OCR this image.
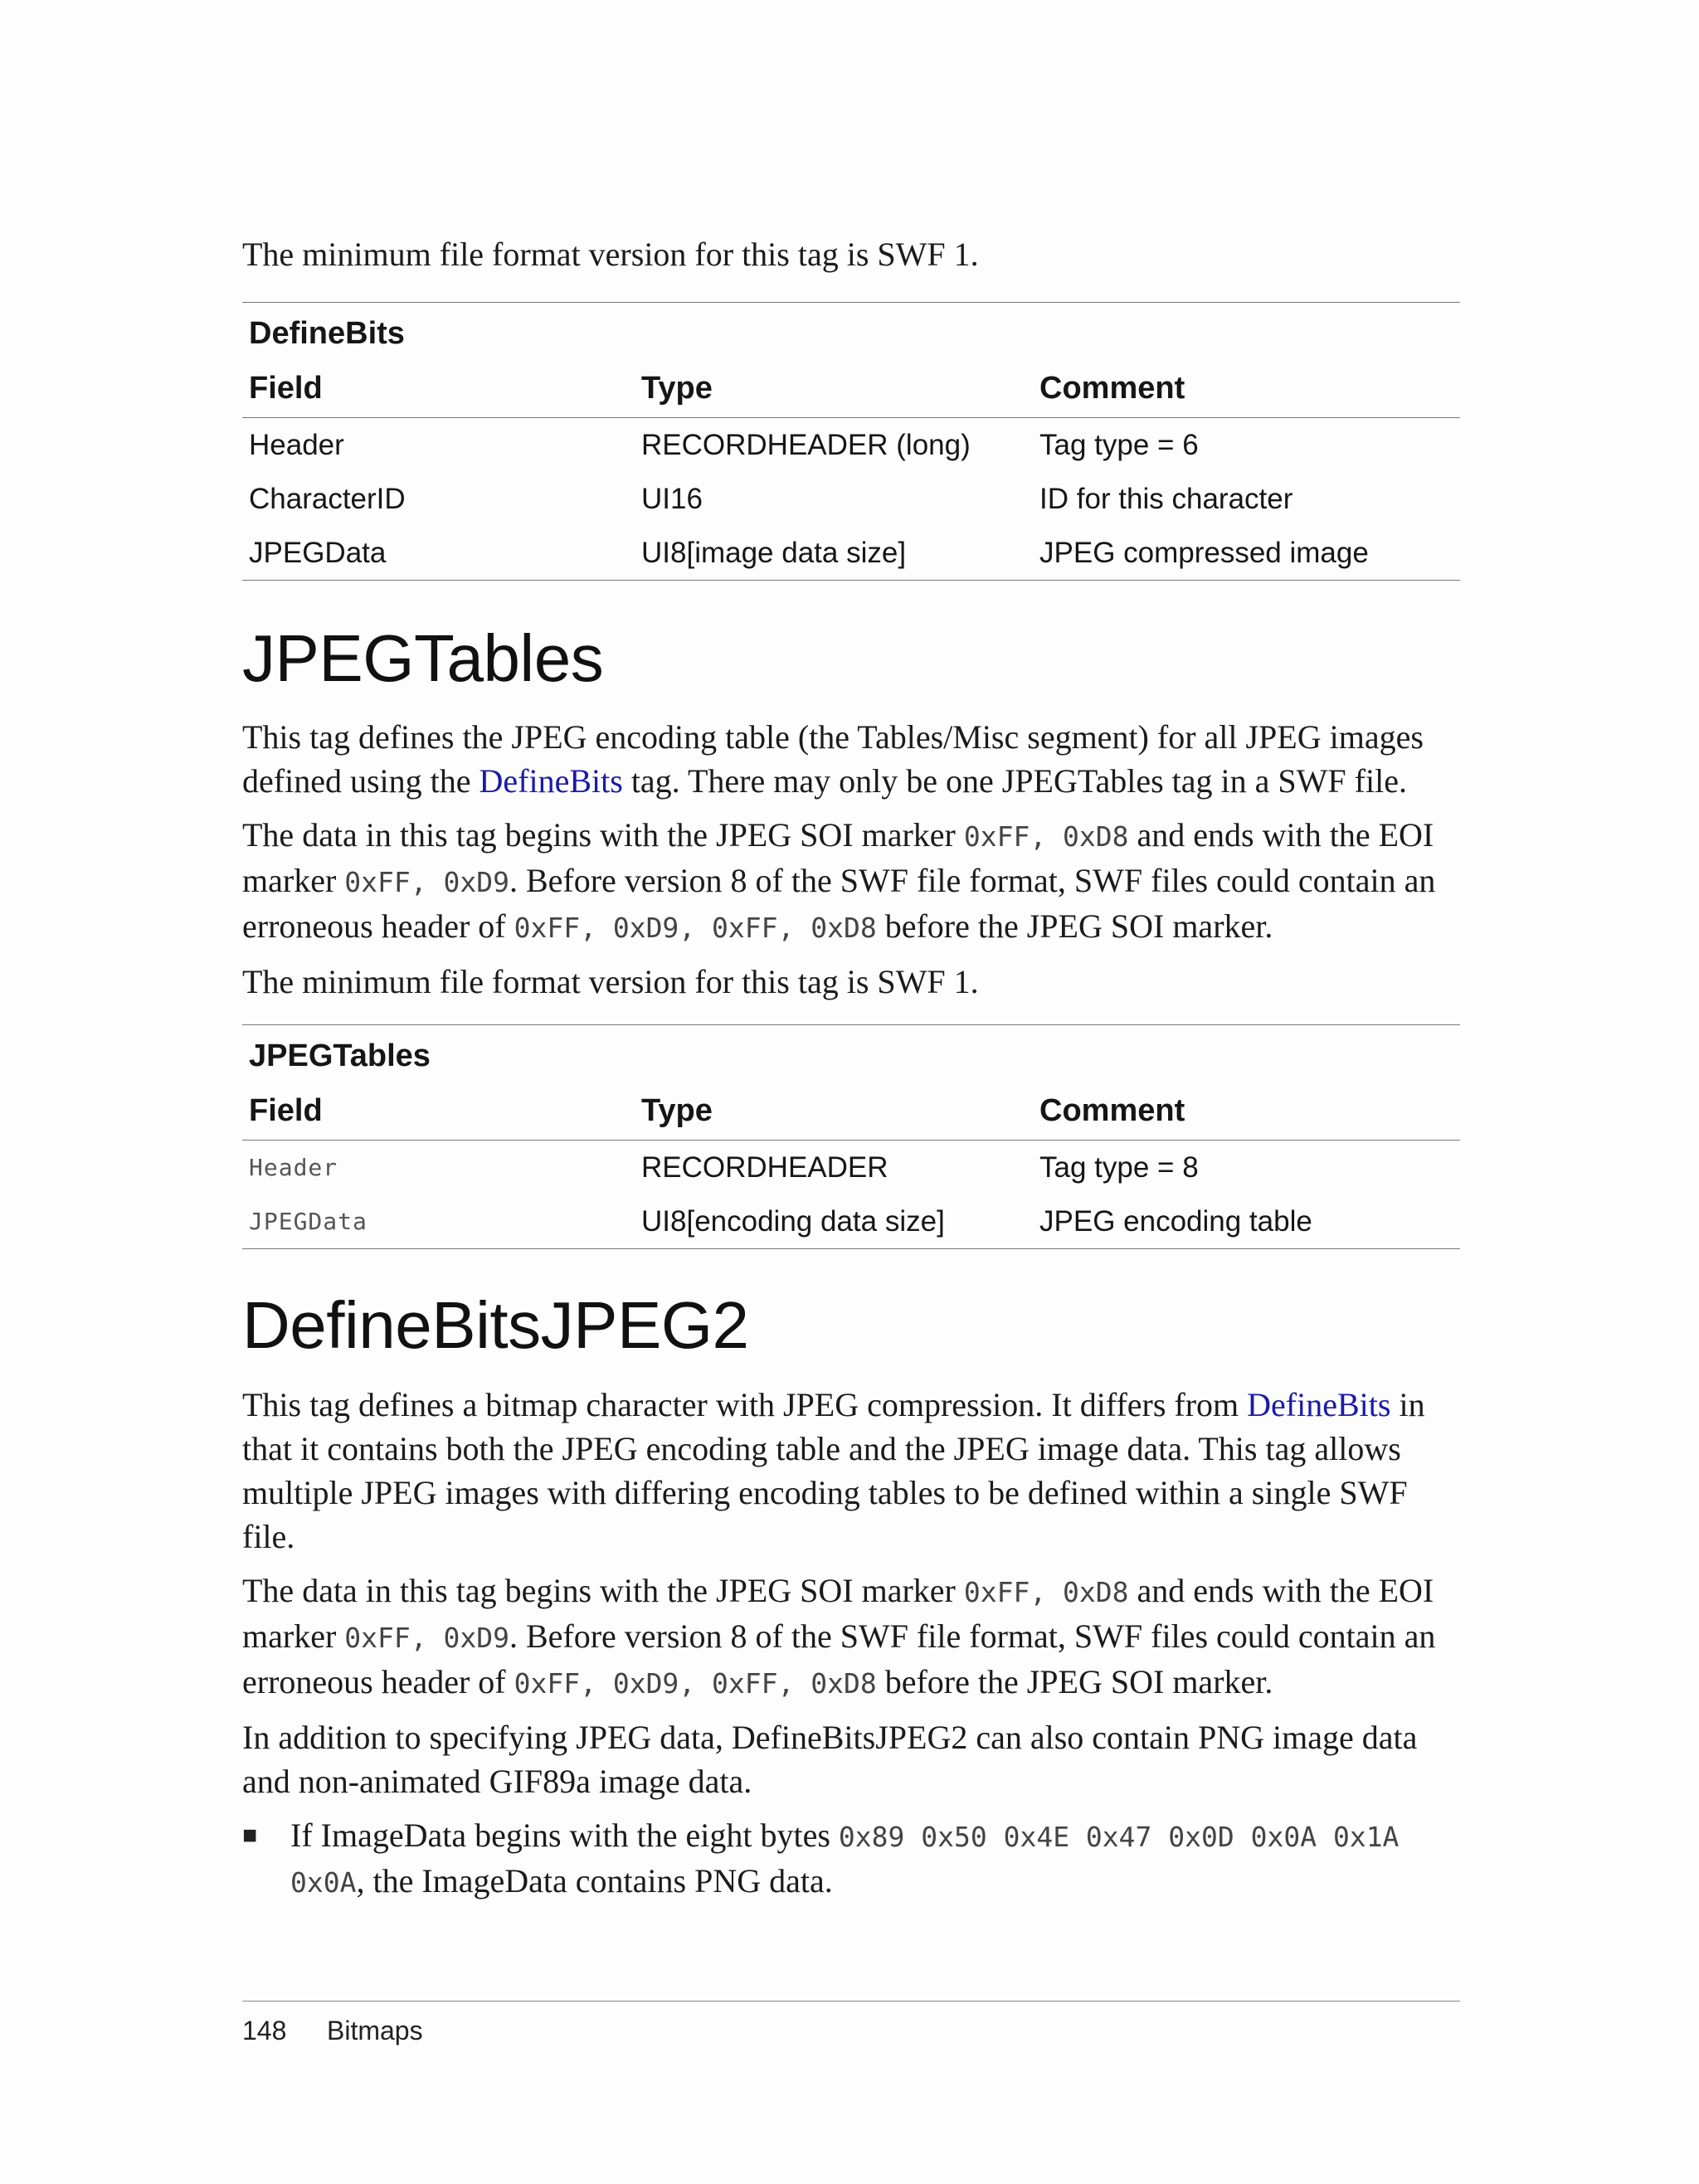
The minimum file format version for this tag is SWF 1.

DefineBits		
Field	Type	Comment
Header	RECORDHEADER (long)	Tag type = 6
CharacterID	UI16	ID for this character
JPEGData	UI8[image data size]	JPEG compressed image
JPEGTables

This tag defines the JPEG encoding table (the Tables/Misc segment) for all JPEG images defined using the DefineBits tag. There may only be one JPEGTables tag in a SWF file.

The data in this tag begins with the JPEG SOI marker 0xFF, 0xD8 and ends with the EOI marker 0xFF, 0xD9. Before version 8 of the SWF file format, SWF files could contain an erroneous header of 0xFF, 0xD9, 0xFF, 0xD8 before the JPEG SOI marker.

The minimum file format version for this tag is SWF 1.

JPEGTables		
Field	Type	Comment
Header	RECORDHEADER	Tag type = 8
JPEGData	UI8[encoding data size]	JPEG encoding table
DefineBitsJPEG2

This tag defines a bitmap character with JPEG compression. It differs from DefineBits in that it contains both the JPEG encoding table and the JPEG image data. This tag allows multiple JPEG images with differing encoding tables to be defined within a single SWF file.

The data in this tag begins with the JPEG SOI marker 0xFF, 0xD8 and ends with the EOI marker 0xFF, 0xD9. Before version 8 of the SWF file format, SWF files could contain an erroneous header of 0xFF, 0xD9, 0xFF, 0xD8 before the JPEG SOI marker.

In addition to specifying JPEG data, DefineBitsJPEG2 can also contain PNG image data and non-animated GIF89a image data.

■ If ImageData begins with the eight bytes 0x89 0x50 0x4E 0x47 0x0D 0x0A 0x1A 0x0A, the ImageData contains PNG data.

148 Bitmaps
